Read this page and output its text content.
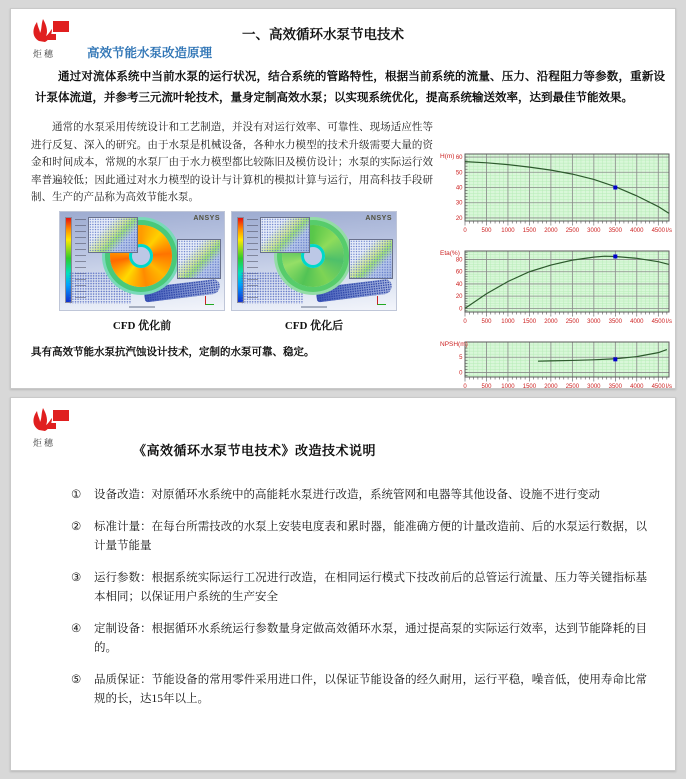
炬穗
一、高效循环水泵节电技术
高效节能水泵改造原理

通过对流体系统中当前水泵的运行状况，结合系统的管路特性，根据当前系统的流量、压力、沿程阻力等参数，重新设计泵体流道，并参考三元流叶轮技术，量身定制高效水泵；以实现系统优化，提高系统输送效率，达到最佳节能效果。

通常的水泵采用传统设计和工艺制造，并没有对运行效率、可靠性、现场适应性等进行反复、深入的研究。由于水泵是机械设备，各种水力模型的技术升级需要大量的资金和时间成本，常规的水泵厂由于水力模型都比较陈旧及模仿设计；水泵的实际运行效率普遍较低；因此通过对水力模型的设计与计算机的模拟计算与运行，用高科技手段研制、生产的产品称为高效节能水泵。

ANSYS	ANSYS
CFD 优化前	CFD 优化后

具有高效节能水泵抗汽蚀设计技术，定制的水泵可靠、稳定。

0 500 1000 1500 2000 2500 3000 3500 4000 4500 l/s
20
30
40
50
60
H(m)
0 500 1000 1500 2000 2500 3000 3500 4000 4500 l/s
0
20
40
60
80
Eta(%)
0 500 1000 1500 2000 2500 3000 3500 4000 4500 l/s
0
5
NPSH(m)
炬穗	《高效循环水泵节电技术》改造技术说明
①	设备改造：对原循环水系统中的高能耗水泵进行改造，系统管网和电器等其他设备、设施不进行变动
②	标准计量：在每台所需技改的水泵上安装电度表和累时器，能准确方便的计量改造前、后的水泵运行数据，以计量节能量
③	运行参数：根据系统实际运行工况进行改造，在相同运行模式下技改前后的总管运行流量、压力等关键指标基本相同；以保证用户系统的生产安全
④	定制设备：根据循环水系统运行参数量身定做高效循环水泵，通过提高泵的实际运行效率，达到节能降耗的目的。
⑤	品质保证：节能设备的常用零件采用进口件，以保证节能设备的经久耐用，运行平稳，噪音低，使用寿命比常规的长，达15年以上。
